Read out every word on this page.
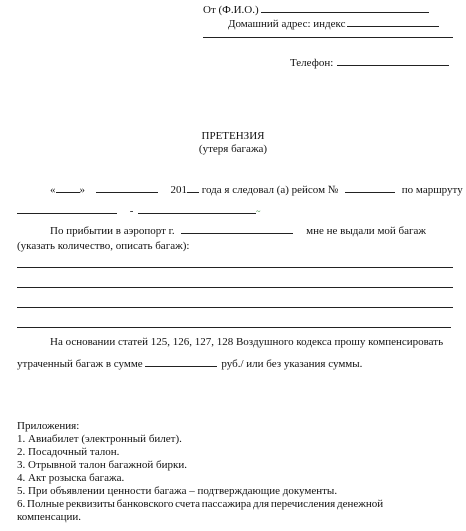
От (Ф.И.О.)
Домашний адрес: индекс
Телефон:
ПРЕТЕНЗИЯ
(утеря багажа)
« »	201 года я следовал (а) рейсом №	по маршруту
-	~
По прибытии в аэропорт г.	мне не выдали мой багаж
(указать количество, описать багаж):
На основании статей 125, 126, 127, 128 Воздушного кодекса прошу компенсировать
утраченный багаж в сумме	руб./ или без указания суммы.
Приложения:
1. Авиабилет (электронный билет).
2. Посадочный талон.
3. Отрывной талон багажной бирки.
4. Акт розыска багажа.
5. При объявлении ценности багажа – подтверждающие документы.
6. Полные реквизиты банковского счета пассажира для перечисления денежной
компенсации.
